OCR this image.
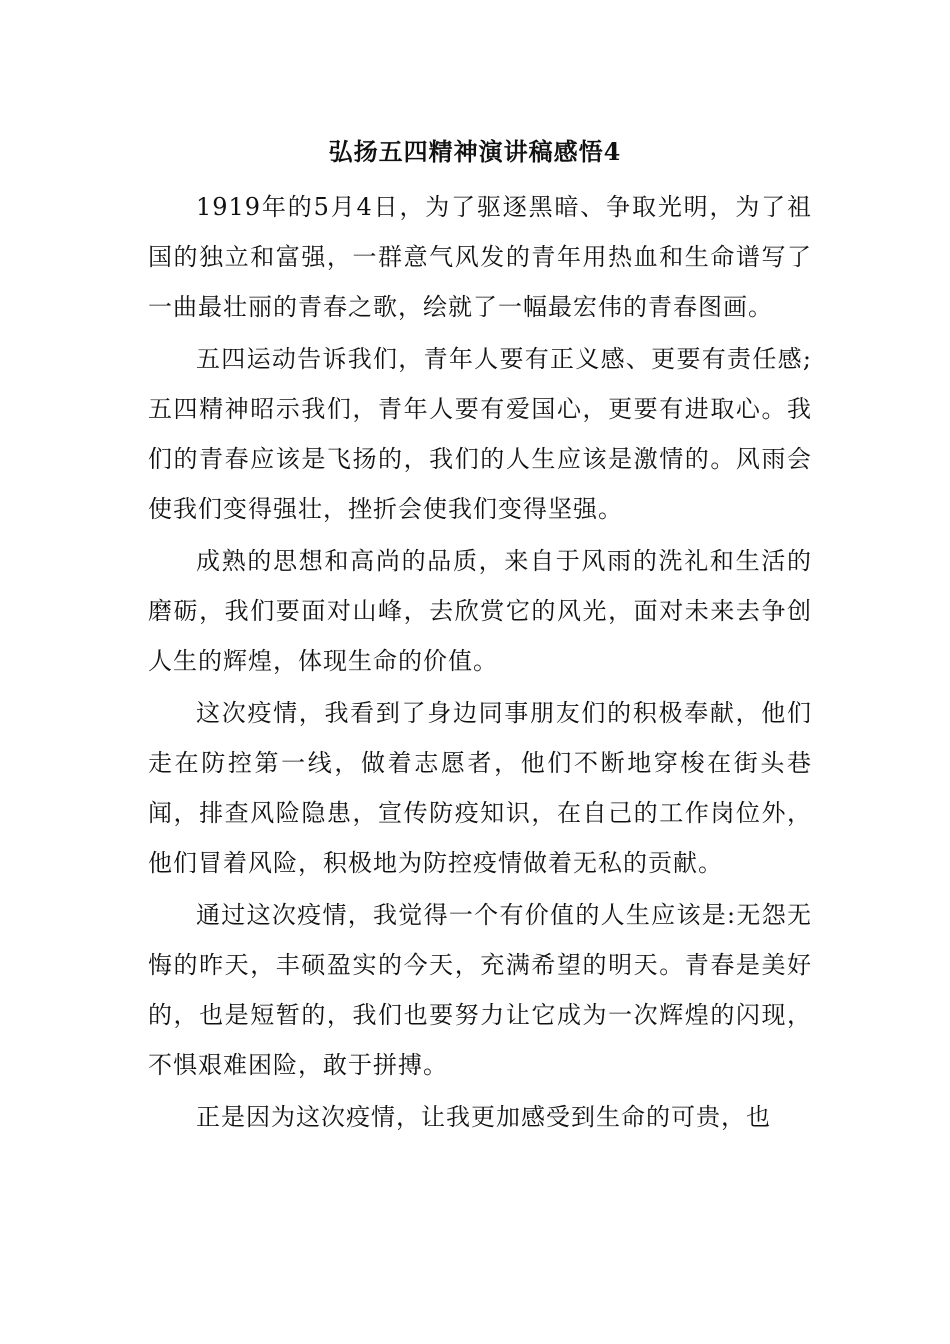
弘扬五四精神演讲稿感悟4

1919年的5月4日，为了驱逐黑暗、争取光明，为了祖国的独立和富强，一群意气风发的青年用热血和生命谱写了一曲最壮丽的青春之歌，绘就了一幅最宏伟的青春图画。

五四运动告诉我们，青年人要有正义感、更要有责任感;五四精神昭示我们，青年人要有爱国心，更要有进取心。我们的青春应该是飞扬的，我们的人生应该是激情的。风雨会使我们变得强壮，挫折会使我们变得坚强。

成熟的思想和高尚的品质，来自于风雨的洗礼和生活的磨砺，我们要面对山峰，去欣赏它的风光，面对未来去争创人生的辉煌，体现生命的价值。

这次疫情，我看到了身边同事朋友们的积极奉献，他们走在防控第一线，做着志愿者，他们不断地穿梭在街头巷闻，排查风险隐患，宣传防疫知识，在自己的工作岗位外，他们冒着风险，积极地为防控疫情做着无私的贡献。

通过这次疫情，我觉得一个有价值的人生应该是:无怨无悔的昨天，丰硕盈实的今天，充满希望的明天。青春是美好的，也是短暂的，我们也要努力让它成为一次辉煌的闪现，不惧艰难困险，敢于拼搏。

正是因为这次疫情，让我更加感受到生命的可贵，也
